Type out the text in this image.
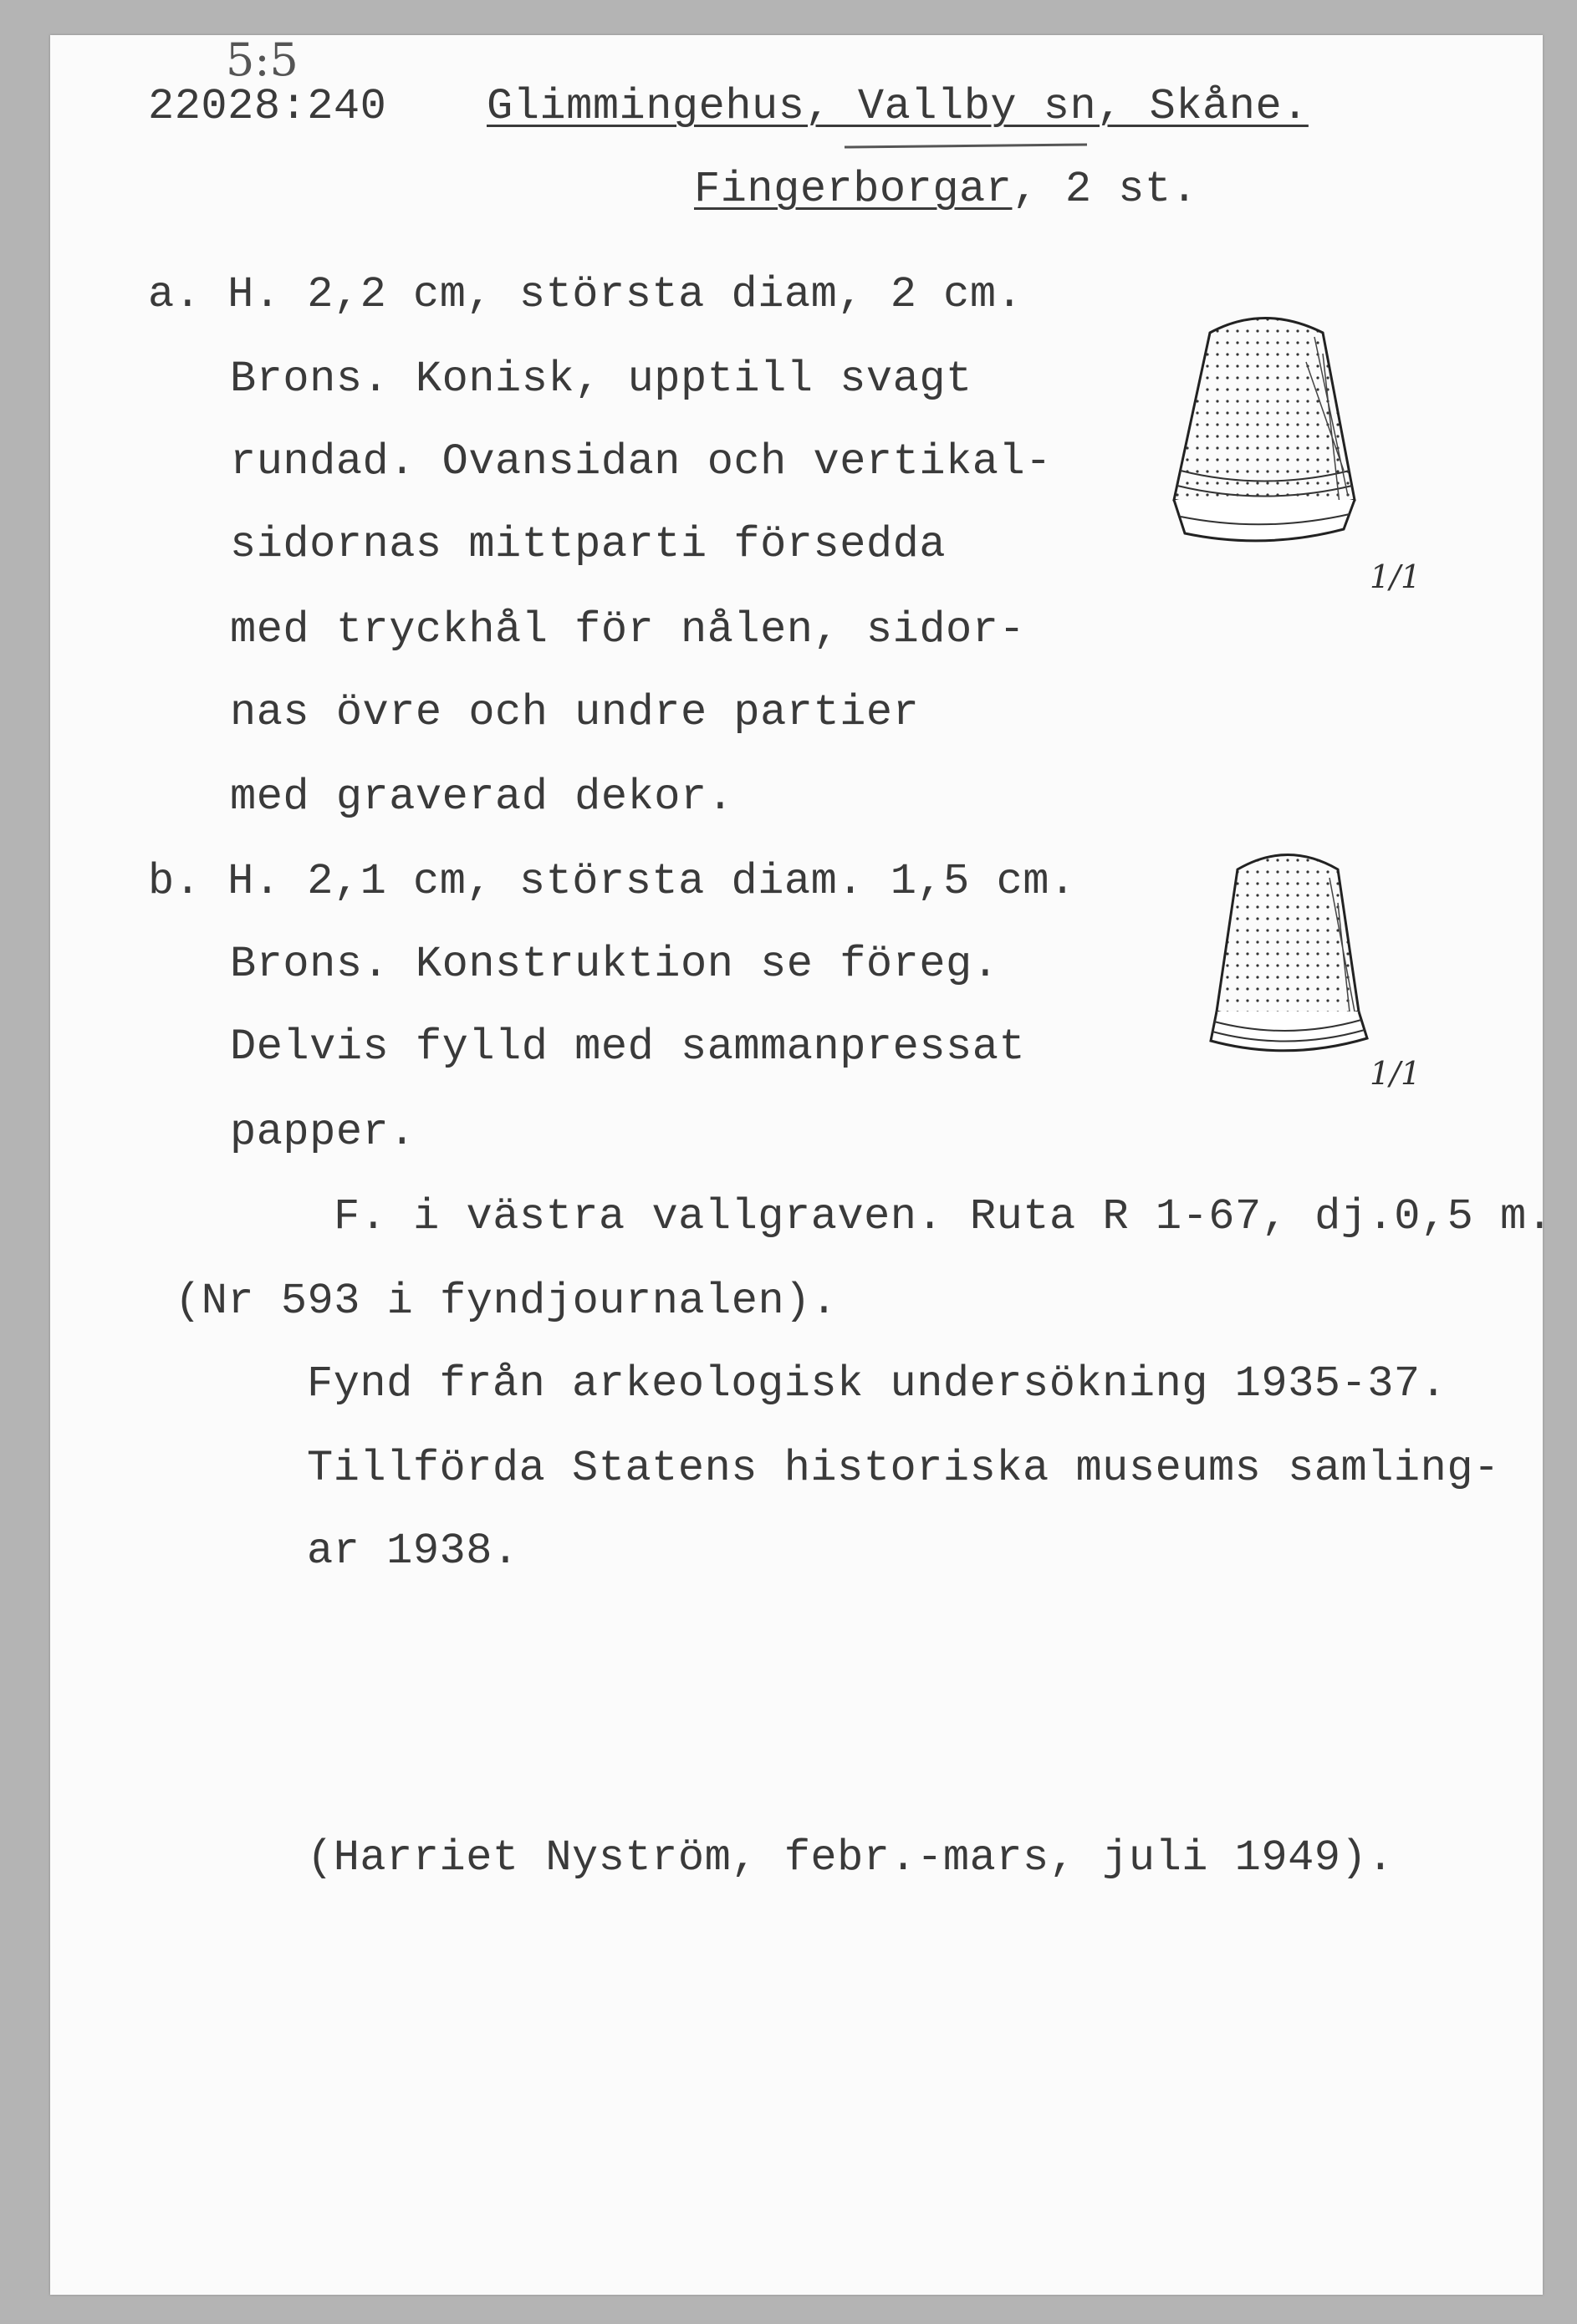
5:5
22028:240 Glimmingehus, Vallby sn, Skåne.
Fingerborgar, 2 st.
a. H. 2,2 cm, största diam, 2 cm.
Brons. Konisk, upptill svagt
rundad. Ovansidan och vertikal-
sidornas mittparti försedda
med tryckhål för nålen, sidor-
nas övre och undre partier
med graverad dekor.
b. H. 2,1 cm, största diam. 1,5 cm.
Brons. Konstruktion se föreg.
Delvis fylld med sammanpressat
papper.
F. i västra vallgraven. Ruta R 1-67, dj.0,5 m.
(Nr 593 i fyndjournalen).
Fynd från arkeologisk undersökning 1935-37.
Tillförda Statens historiska museums samling-
ar 1938.
(Harriet Nyström, febr.-mars, juli 1949).
1/1
1/1
